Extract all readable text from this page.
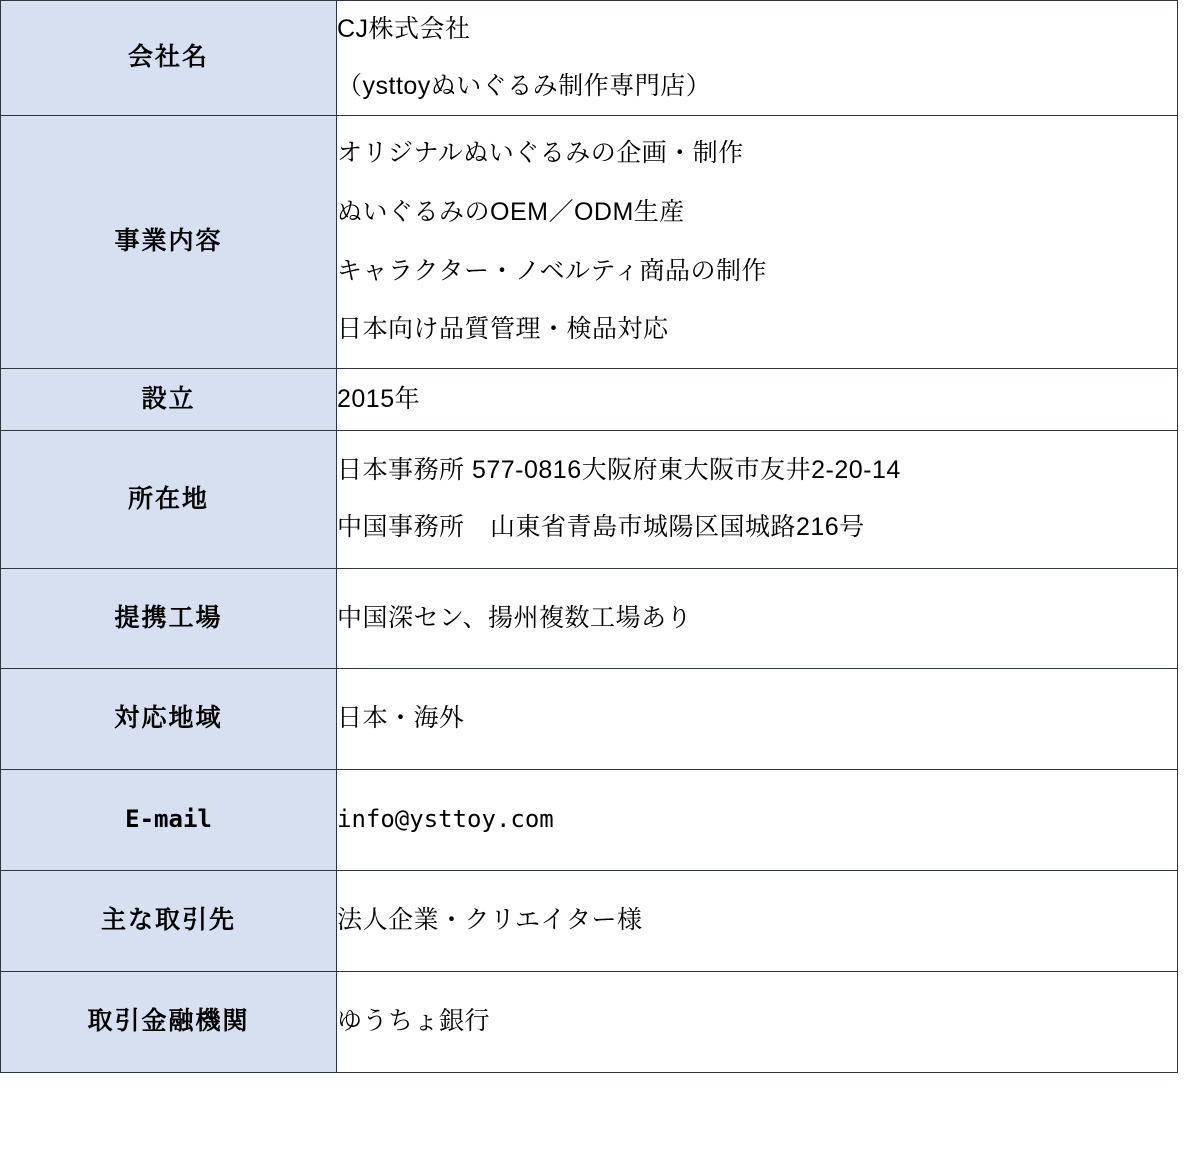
会社名	CJ株式会社
（ysttoyぬいぐるみ制作専門店）

事業内容	オリジナルぬいぐるみの企画・制作
ぬいぐるみのOEM／ODM生産
キャラクター・ノベルティ商品の制作
日本向け品質管理・検品対応

設立	2015年

所在地	日本事務所 577-0816大阪府東大阪市友井2-20-14
中国事務所　山東省青島市城陽区国城路216号

提携工場	中国深セン、揚州複数工場あり

対応地域	日本・海外

E-mail	info@ysttoy.com

主な取引先	法人企業・クリエイター様

取引金融機関	ゆうちょ銀行
